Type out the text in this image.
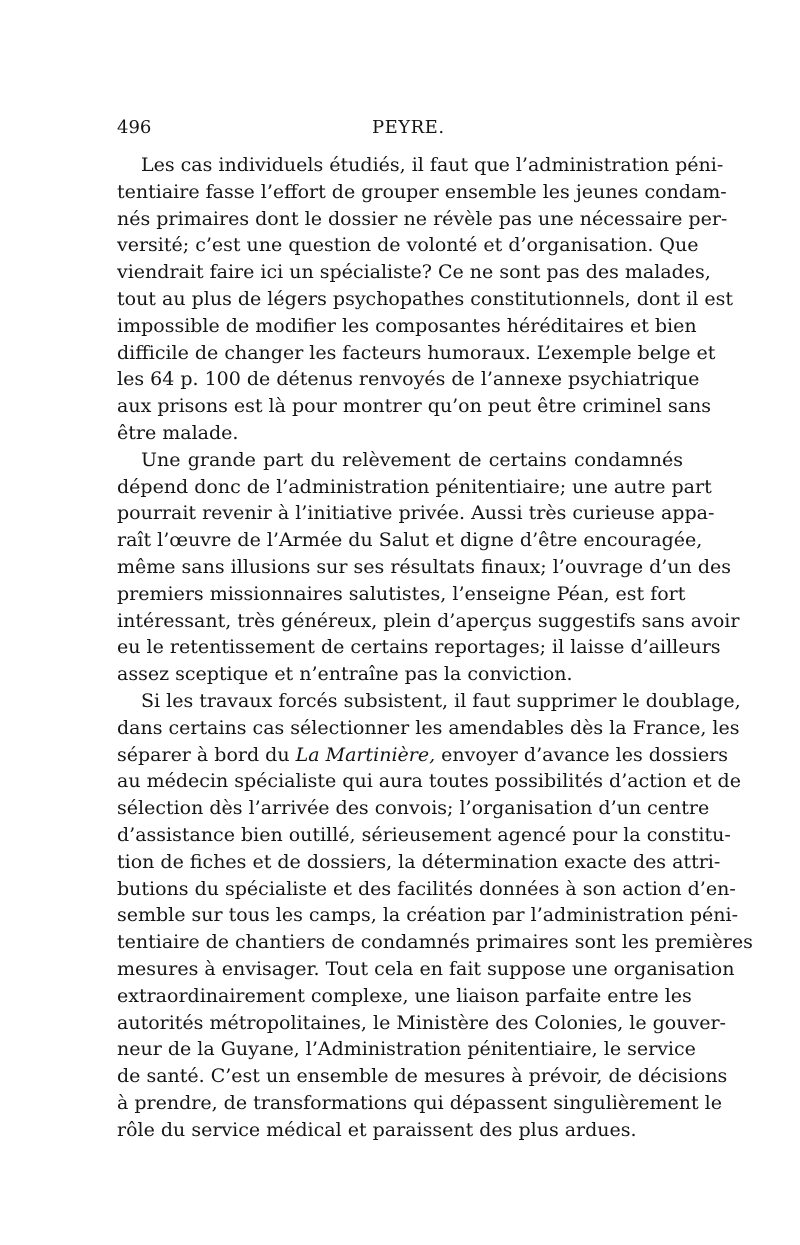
496	PEYRE.
Les cas individuels étudiés, il faut que l’administration péni-
tentiaire fasse l’effort de grouper ensemble les jeunes condam-
nés primaires dont le dossier ne révèle pas une nécessaire per-
versité; c’est une question de volonté et d’organisation. Que
viendrait faire ici un spécialiste? Ce ne sont pas des malades,
tout au plus de légers psychopathes constitutionnels, dont il est
impossible de modifier les composantes héréditaires et bien
difficile de changer les facteurs humoraux. L’exemple belge et
les 64 p. 100 de détenus renvoyés de l’annexe psychiatrique
aux prisons est là pour montrer qu’on peut être criminel sans
être malade.
Une grande part du relèvement de certains condamnés
dépend donc de l’administration pénitentiaire; une autre part
pourrait revenir à l’initiative privée. Aussi très curieuse appa-
raît l’œuvre de l’Armée du Salut et digne d’être encouragée,
même sans illusions sur ses résultats finaux; l’ouvrage d’un des
premiers missionnaires salutistes, l’enseigne Péan, est fort
intéressant, très généreux, plein d’aperçus suggestifs sans avoir
eu le retentissement de certains reportages; il laisse d’ailleurs
assez sceptique et n’entraîne pas la conviction.
Si les travaux forcés subsistent, il faut supprimer le doublage,
dans certains cas sélectionner les amendables dès la France, les
séparer à bord du La Martinière, envoyer d’avance les dossiers
au médecin spécialiste qui aura toutes possibilités d’action et de
sélection dès l’arrivée des convois; l’organisation d’un centre
d’assistance bien outillé, sérieusement agencé pour la constitu-
tion de fiches et de dossiers, la détermination exacte des attri-
butions du spécialiste et des facilités données à son action d’en-
semble sur tous les camps, la création par l’administration péni-
tentiaire de chantiers de condamnés primaires sont les premières
mesures à envisager. Tout cela en fait suppose une organisation
extraordinairement complexe, une liaison parfaite entre les
autorités métropolitaines, le Ministère des Colonies, le gouver-
neur de la Guyane, l’Administration pénitentiaire, le service
de santé. C’est un ensemble de mesures à prévoir, de décisions
à prendre, de transformations qui dépassent singulièrement le
rôle du service médical et paraissent des plus ardues.
